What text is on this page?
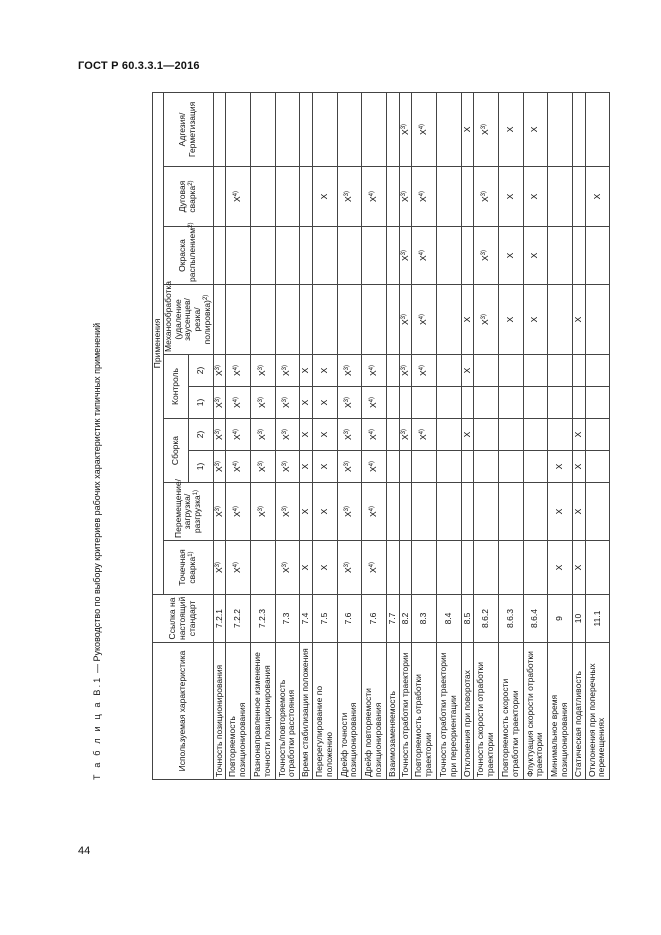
ГОСТ Р 60.3.3.1—2016
Т а б л и ц а В.1 — Руководство по выбору критериев рабочих характеристик типичных применений
Используемая характеристика	Ссылка на настоящий стандарт	Применения									
		Точечная сварка$^{1)}$	Перемещение/загрузка/разгрузка$^{1)}$	Сборка		Контроль		Механообработка (удаление заусенцев/резка/полировка)$^{2)}$	Окраска распылением$^{2)}$	Дуговая сварка$^{2)}$	Адгезия/Герметизация
				1)	2)	1)	2)				
Точность позиционирования	7.2.1	$X^{3)}$	$X^{3)}$	$X^{3)}$	$X^{3)}$	$X^{3)}$	$X^{3)}$				
Повторяемость позиционирования	7.2.2	$X^{4)}$	$X^{4)}$	$X^{4)}$	$X^{4)}$	$X^{4)}$	$X^{4)}$			$X^{4)}$	
Разнонаправленное изменение точности позиционирования	7.2.3		$X^{3)}$	$X^{3)}$	$X^{3)}$	$X^{3)}$	$X^{3)}$				
Точность/повторяемость отработки расстояния	7.3	$X^{3)}$	$X^{3)}$	$X^{3)}$	$X^{3)}$	$X^{3)}$	$X^{3)}$				
Время стабилизации положения	7.4	X	X	X	X	X	X				
Перерегулирование по положению	7.5	X	X	X	X	X	X			X	
Дрейф точности позиционирования	7.6	$X^{3)}$	$X^{3)}$	$X^{3)}$	$X^{3)}$	$X^{3)}$	$X^{3)}$			$X^{3)}$	
Дрейф повторяемости позиционирования	7.6	$X^{4)}$	$X^{4)}$	$X^{4)}$	$X^{4)}$	$X^{4)}$	$X^{4)}$			$X^{4)}$	
Взаимозаменяемость	7.7										
Точность отработки траектории	8.2				$X^{3)}$		$X^{3)}$	$X^{3)}$	$X^{3)}$	$X^{3)}$	$X^{3)}$
Повторяемость отработки траектории	8.3				$X^{4)}$		$X^{4)}$	$X^{4)}$	$X^{4)}$	$X^{4)}$	$X^{4)}$
Точность отработки траектории при переориентации	8.4										
Отклонения при поворотах	8.5				X		X	X			X
Точность скорости отработки траектории	8.6.2							$X^{3)}$	$X^{3)}$	$X^{3)}$	$X^{3)}$
Повторяемость скорости отработки траектории	8.6.3							X	X	X	X
Флуктуация скорости отработки траектории	8.6.4							X	X	X	X
Минимальное время позиционирования	9	X	X	X							
Статическая податливость	10	X	X	X	X			X			
Отклонения при поперечных перемещениях	11.1									X	
44
